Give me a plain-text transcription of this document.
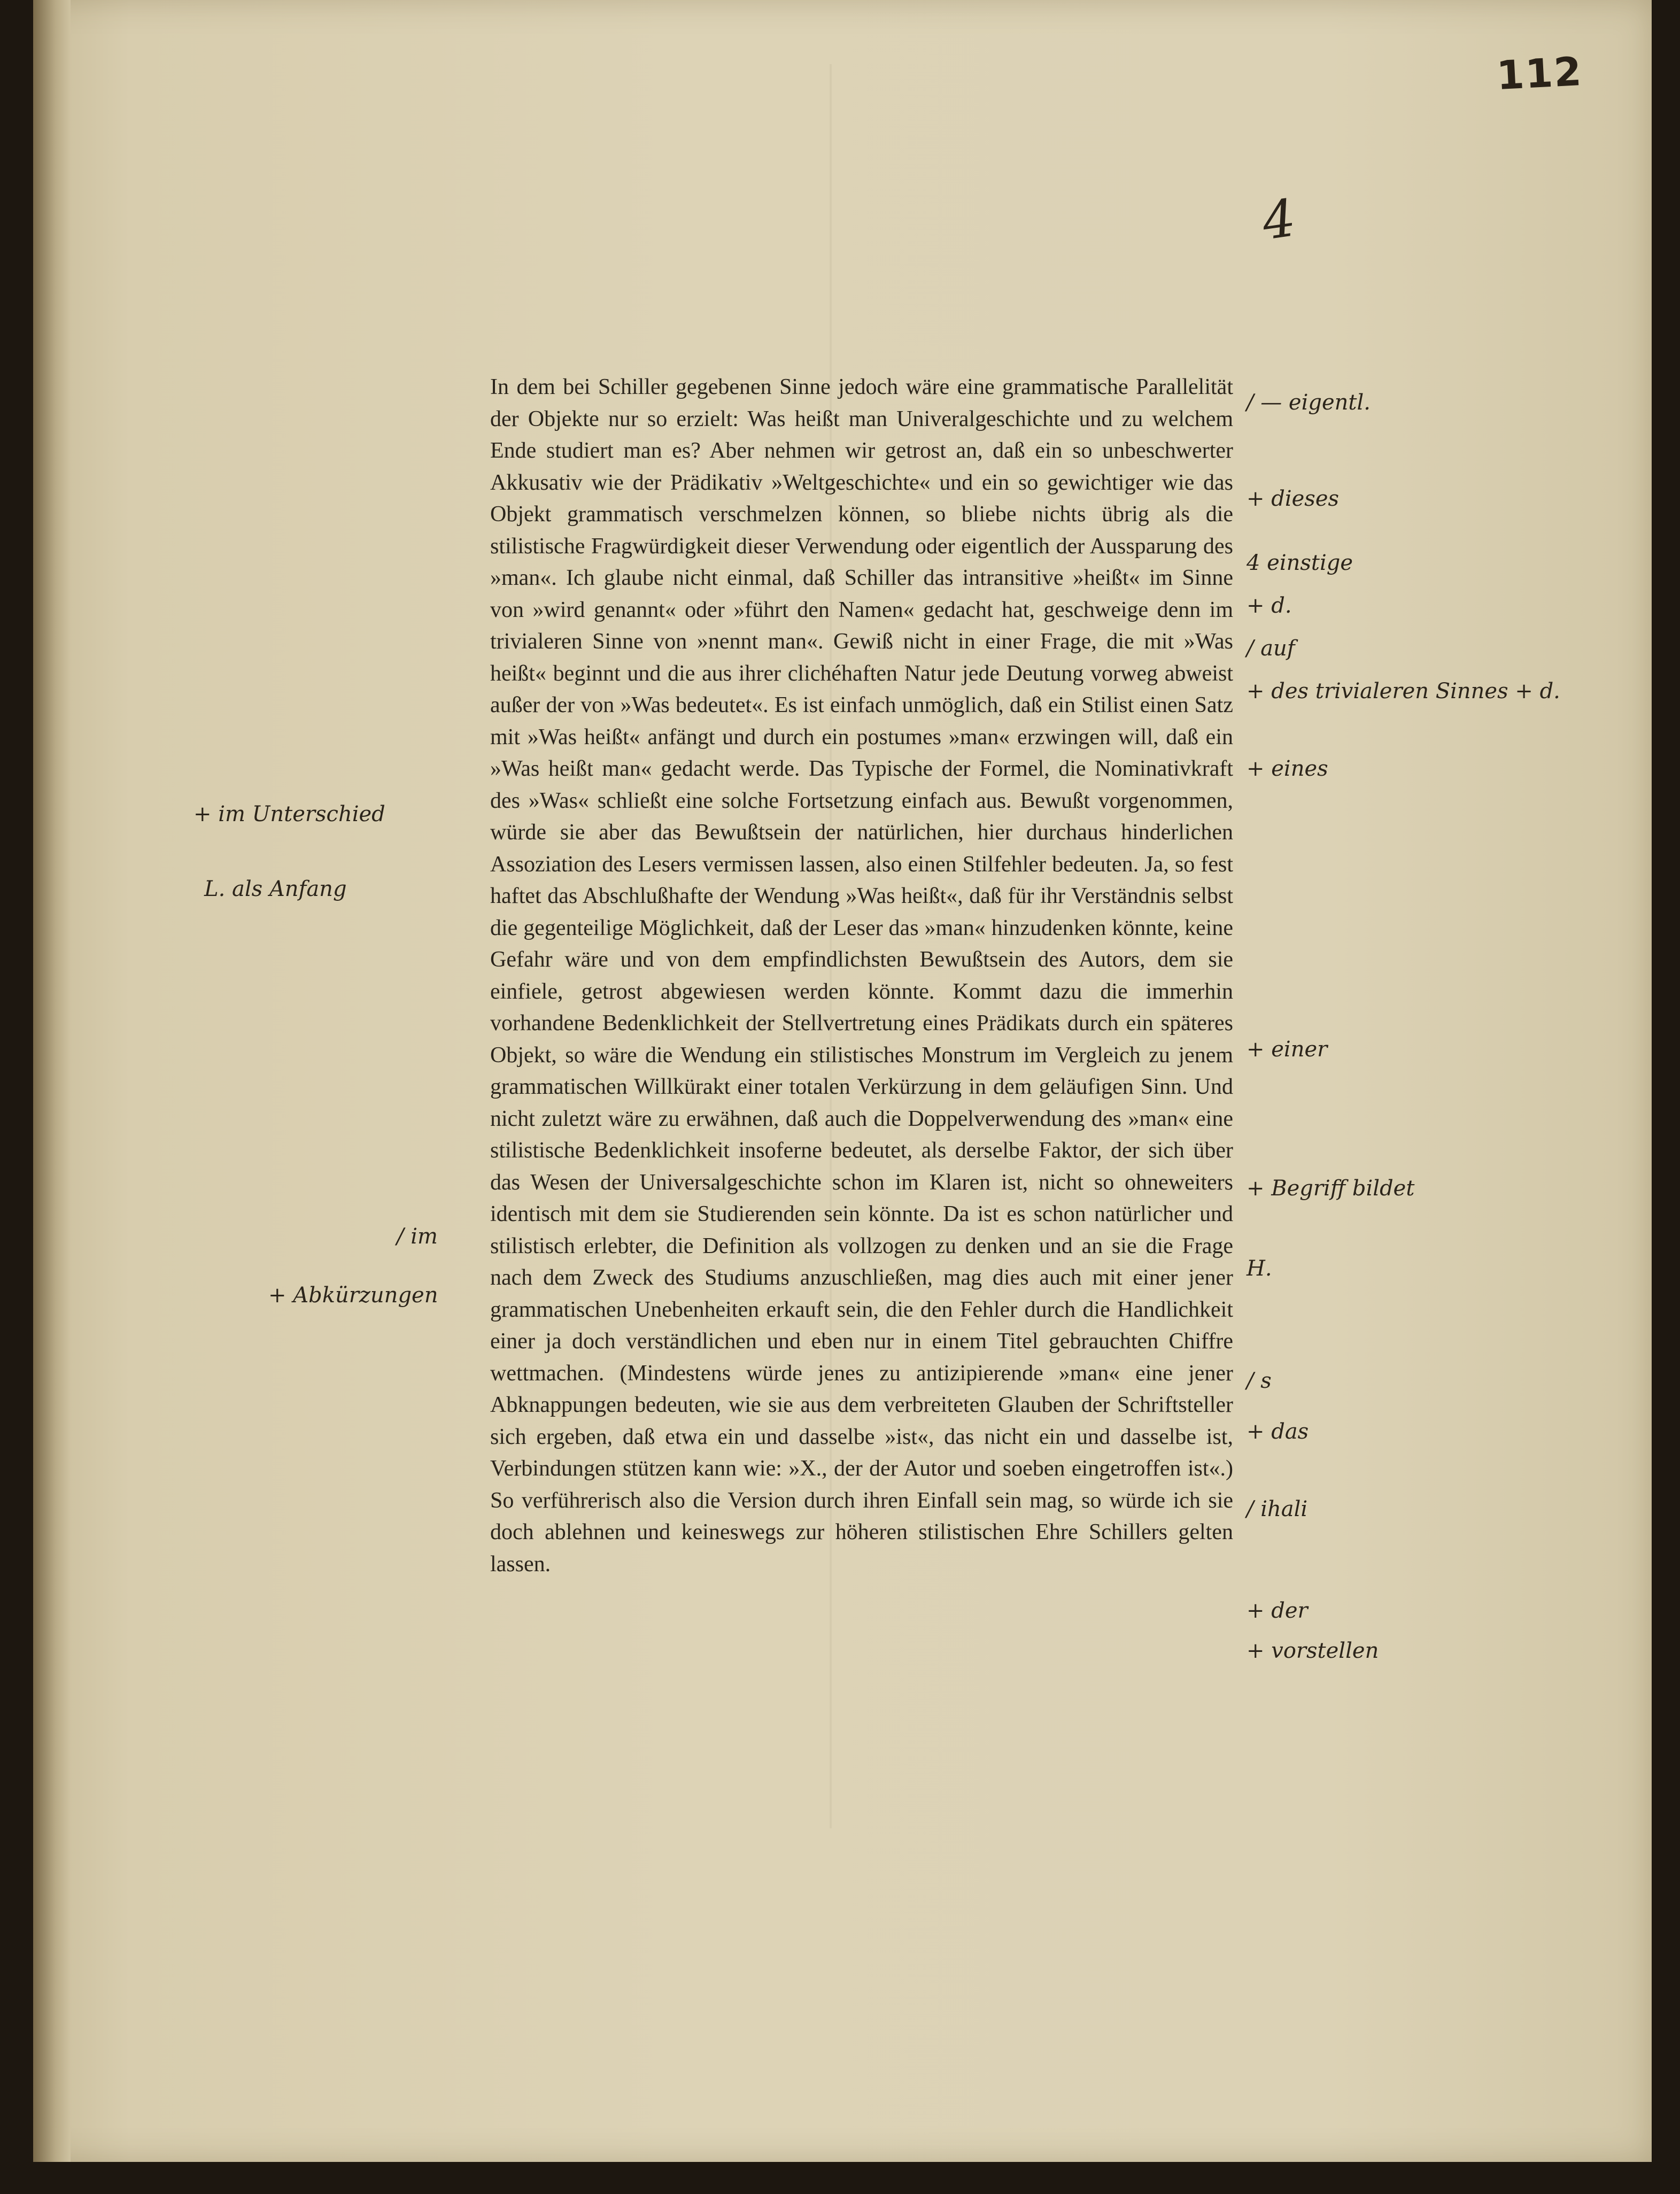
112
4

In dem bei Schiller gegebenen Sinne jedoch wäre eine grammatische Parallelität der Objekte nur so erzielt: Was heißt man Univeralgeschichte und zu welchem Ende studiert man es? Aber nehmen wir getrost an, daß ein so unbeschwerter Akkusativ wie der Prädikativ »Weltgeschichte« und ein so gewichtiger wie das Objekt grammatisch verschmelzen können, so bliebe nichts übrig als die stilistische Fragwürdigkeit dieser Verwendung oder eigentlich der Aussparung des »man«. Ich glaube nicht einmal, daß Schiller das intransitive »heißt« im Sinne von »wird genannt« oder »führt den Namen« gedacht hat, geschweige denn im trivialeren Sinne von »nennt man«. Gewiß nicht in einer Frage, die mit »Was heißt« beginnt und die aus ihrer clichéhaften Natur jede Deutung vorweg abweist außer der von »Was bedeutet«. Es ist einfach unmöglich, daß ein Stilist einen Satz mit »Was heißt« anfängt und durch ein postumes »man« erzwingen will, daß ein »Was heißt man« gedacht werde. Das Typische der Formel, die Nominativkraft des »Was« schließt eine solche Fortsetzung einfach aus. Bewußt vorgenommen, würde sie aber das Bewußtsein der natürlichen, hier durchaus hinderlichen Assoziation des Lesers vermissen lassen, also einen Stilfehler bedeuten. Ja, so fest haftet das Abschlußhafte der Wendung »Was heißt«, daß für ihr Verständnis selbst die gegenteilige Möglichkeit, daß der Leser das »man« hinzudenken könnte, keine Gefahr wäre und von dem empfindlichsten Bewußtsein des Autors, dem sie einfiele, getrost abgewiesen werden könnte. Kommt dazu die immerhin vorhandene Bedenklichkeit der Stellvertretung eines Prädikats durch ein späteres Objekt, so wäre die Wendung ein stilistisches Monstrum im Vergleich zu jenem grammatischen Willkürakt einer totalen Verkürzung in dem geläufigen Sinn. Und nicht zuletzt wäre zu erwähnen, daß auch die Doppelverwendung des »man« eine stilistische Bedenklichkeit insoferne bedeutet, als derselbe Faktor, der sich über das Wesen der Universalgeschichte schon im Klaren ist, nicht so ohneweiters identisch mit dem sie Studierenden sein könnte. Da ist es schon natürlicher und stilistisch erlebter, die Definition als vollzogen zu denken und an sie die Frage nach dem Zweck des Studiums anzuschließen, mag dies auch mit einer jener grammatischen Unebenheiten erkauft sein, die den Fehler durch die Handlichkeit einer ja doch verständlichen und eben nur in einem Titel gebrauchten Chiffre wettmachen. (Mindestens würde jenes zu antizipierende »man« eine jener Abknappungen bedeuten, wie sie aus dem verbreiteten Glauben der Schriftsteller sich ergeben, daß etwa ein und dasselbe »ist«, das nicht ein und dasselbe ist, Verbindungen stützen kann wie: »X., der der Autor und soeben eingetroffen ist«.) So verführerisch also die Version durch ihren Einfall sein mag, so würde ich sie doch ablehnen und keineswegs zur höheren stilistischen Ehre Schillers gelten lassen.

+ im Unterschied
L. als Anfang
/ im
+ Abkürzungen
/ — eigentl.
+ dieses
4 einstige
+ d.
/ auf
+ des trivialeren Sinnes + d.
+ eines
+ einer
+ Begriff bildet
H.
/ s
+ das
/ ihali
+ der
+ vorstellen
